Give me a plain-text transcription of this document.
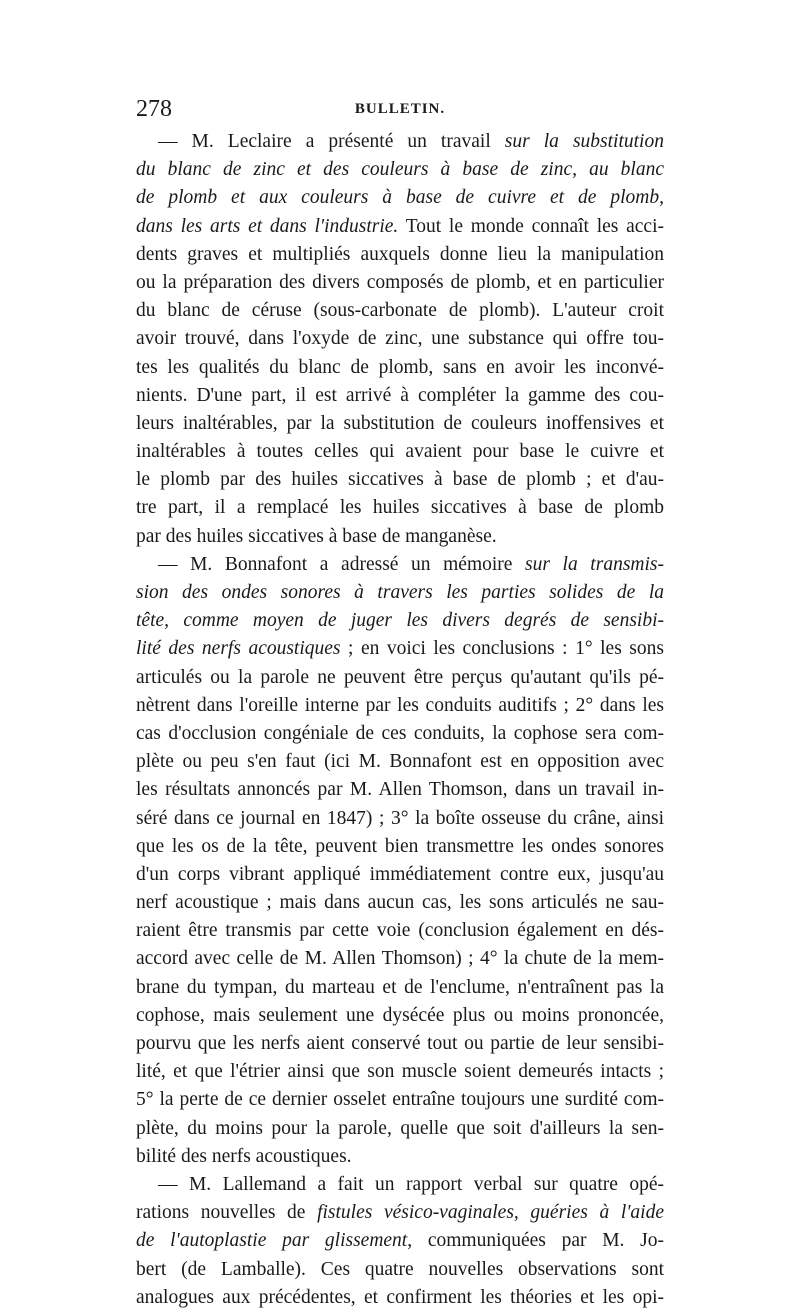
278	BULLETIN.
— M. Leclaire a présenté un travail sur la substitution
du blanc de zinc et des couleurs à base de zinc, au blanc
de plomb et aux couleurs à base de cuivre et de plomb,
dans les arts et dans l'industrie. Tout le monde connaît les acci-
dents graves et multipliés auxquels donne lieu la manipulation
ou la préparation des divers composés de plomb, et en particulier
du blanc de céruse (sous-carbonate de plomb). L'auteur croit
avoir trouvé, dans l'oxyde de zinc, une substance qui offre tou-
tes les qualités du blanc de plomb, sans en avoir les inconvé-
nients. D'une part, il est arrivé à compléter la gamme des cou-
leurs inaltérables, par la substitution de couleurs inoffensives et
inaltérables à toutes celles qui avaient pour base le cuivre et
le plomb par des huiles siccatives à base de plomb ; et d'au-
tre part, il a remplacé les huiles siccatives à base de plomb
par des huiles siccatives à base de manganèse.
— M. Bonnafont a adressé un mémoire sur la transmis-
sion des ondes sonores à travers les parties solides de la
tête, comme moyen de juger les divers degrés de sensibi-
lité des nerfs acoustiques ; en voici les conclusions : 1° les sons
articulés ou la parole ne peuvent être perçus qu'autant qu'ils pé-
nètrent dans l'oreille interne par les conduits auditifs ; 2° dans les
cas d'occlusion congéniale de ces conduits, la cophose sera com-
plète ou peu s'en faut (ici M. Bonnafont est en opposition avec
les résultats annoncés par M. Allen Thomson, dans un travail in-
séré dans ce journal en 1847) ; 3° la boîte osseuse du crâne, ainsi
que les os de la tête, peuvent bien transmettre les ondes sonores
d'un corps vibrant appliqué immédiatement contre eux, jusqu'au
nerf acoustique ; mais dans aucun cas, les sons articulés ne sau-
raient être transmis par cette voie (conclusion également en dés-
accord avec celle de M. Allen Thomson) ; 4° la chute de la mem-
brane du tympan, du marteau et de l'enclume, n'entraînent pas la
cophose, mais seulement une dysécée plus ou moins prononcée,
pourvu que les nerfs aient conservé tout ou partie de leur sensibi-
lité, et que l'étrier ainsi que son muscle soient demeurés intacts ;
5° la perte de ce dernier osselet entraîne toujours une surdité com-
plète, du moins pour la parole, quelle que soit d'ailleurs la sen-
bilité des nerfs acoustiques.
— M. Lallemand a fait un rapport verbal sur quatre opé-
rations nouvelles de fistules vésico-vaginales, guéries à l'aide
de l'autoplastie par glissement, communiquées par M. Jo-
bert (de Lamballe). Ces quatre nouvelles observations sont
analogues aux précédentes, et confirment les théories et les opi-
